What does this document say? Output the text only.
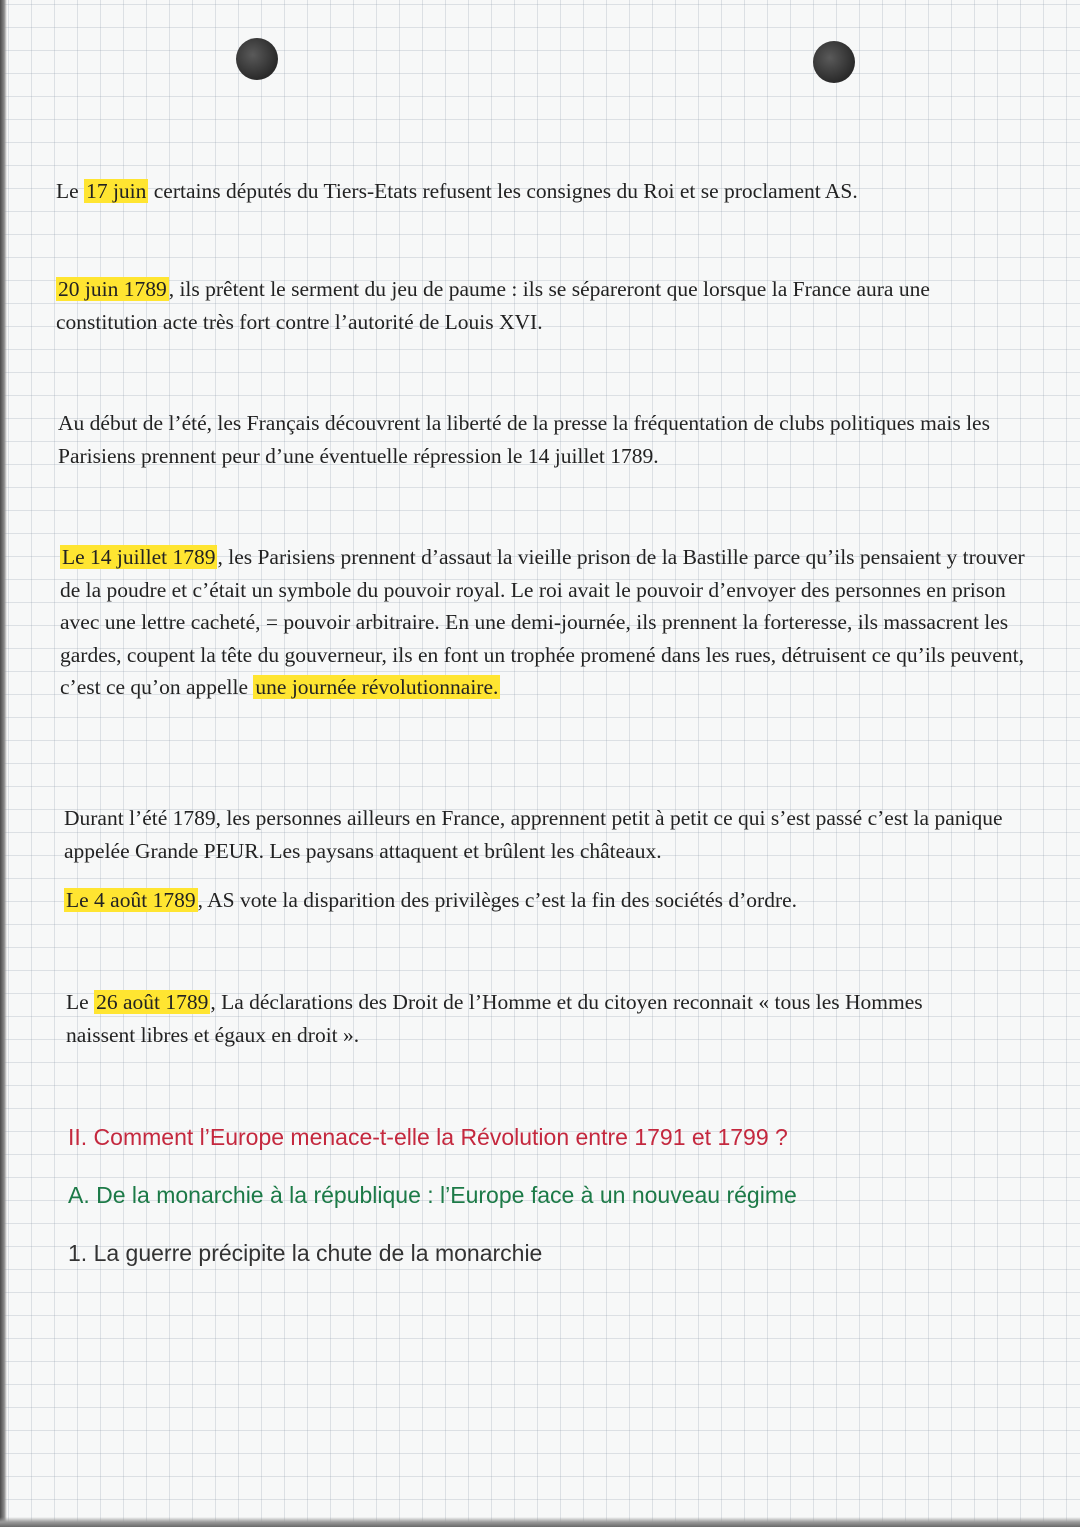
Le 17 juin certains députés du Tiers-Etats refusent les consignes du Roi et se proclament AS.

20 juin 1789, ils prêtent le serment du jeu de paume : ils se sépareront que lorsque la France aura une constitution acte très fort contre l’autorité de Louis XVI.

Au début de l’été, les Français découvrent la liberté de la presse la fréquentation de clubs politiques mais les Parisiens prennent peur d’une éventuelle répression le 14 juillet 1789.

Le 14 juillet 1789, les Parisiens prennent d’assaut la vieille prison de la Bastille parce qu’ils pensaient y trouver de la poudre et c’était un symbole du pouvoir royal. Le roi avait le pouvoir d’envoyer des personnes en prison avec une lettre cacheté, = pouvoir arbitraire. En une demi-journée, ils prennent la forteresse, ils massacrent les gardes, coupent la tête du gouverneur, ils en font un trophée promené dans les rues, détruisent ce qu’ils peuvent, c’est ce qu’on appelle une journée révolutionnaire.

Durant l’été 1789, les personnes ailleurs en France, apprennent petit à petit ce qui s’est passé c’est la panique appelée Grande PEUR. Les paysans attaquent et brûlent les châteaux.

Le 4 août 1789, AS vote la disparition des privilèges c’est la fin des sociétés d’ordre.

Le 26 août 1789, La déclarations des Droit de l’Homme et du citoyen reconnait « tous les Hommes naissent libres et égaux en droit ».

II. Comment l’Europe menace-t-elle la Révolution entre 1791 et 1799 ?
A. De la monarchie à la république : l’Europe face à un nouveau régime
1. La guerre précipite la chute de la monarchie
